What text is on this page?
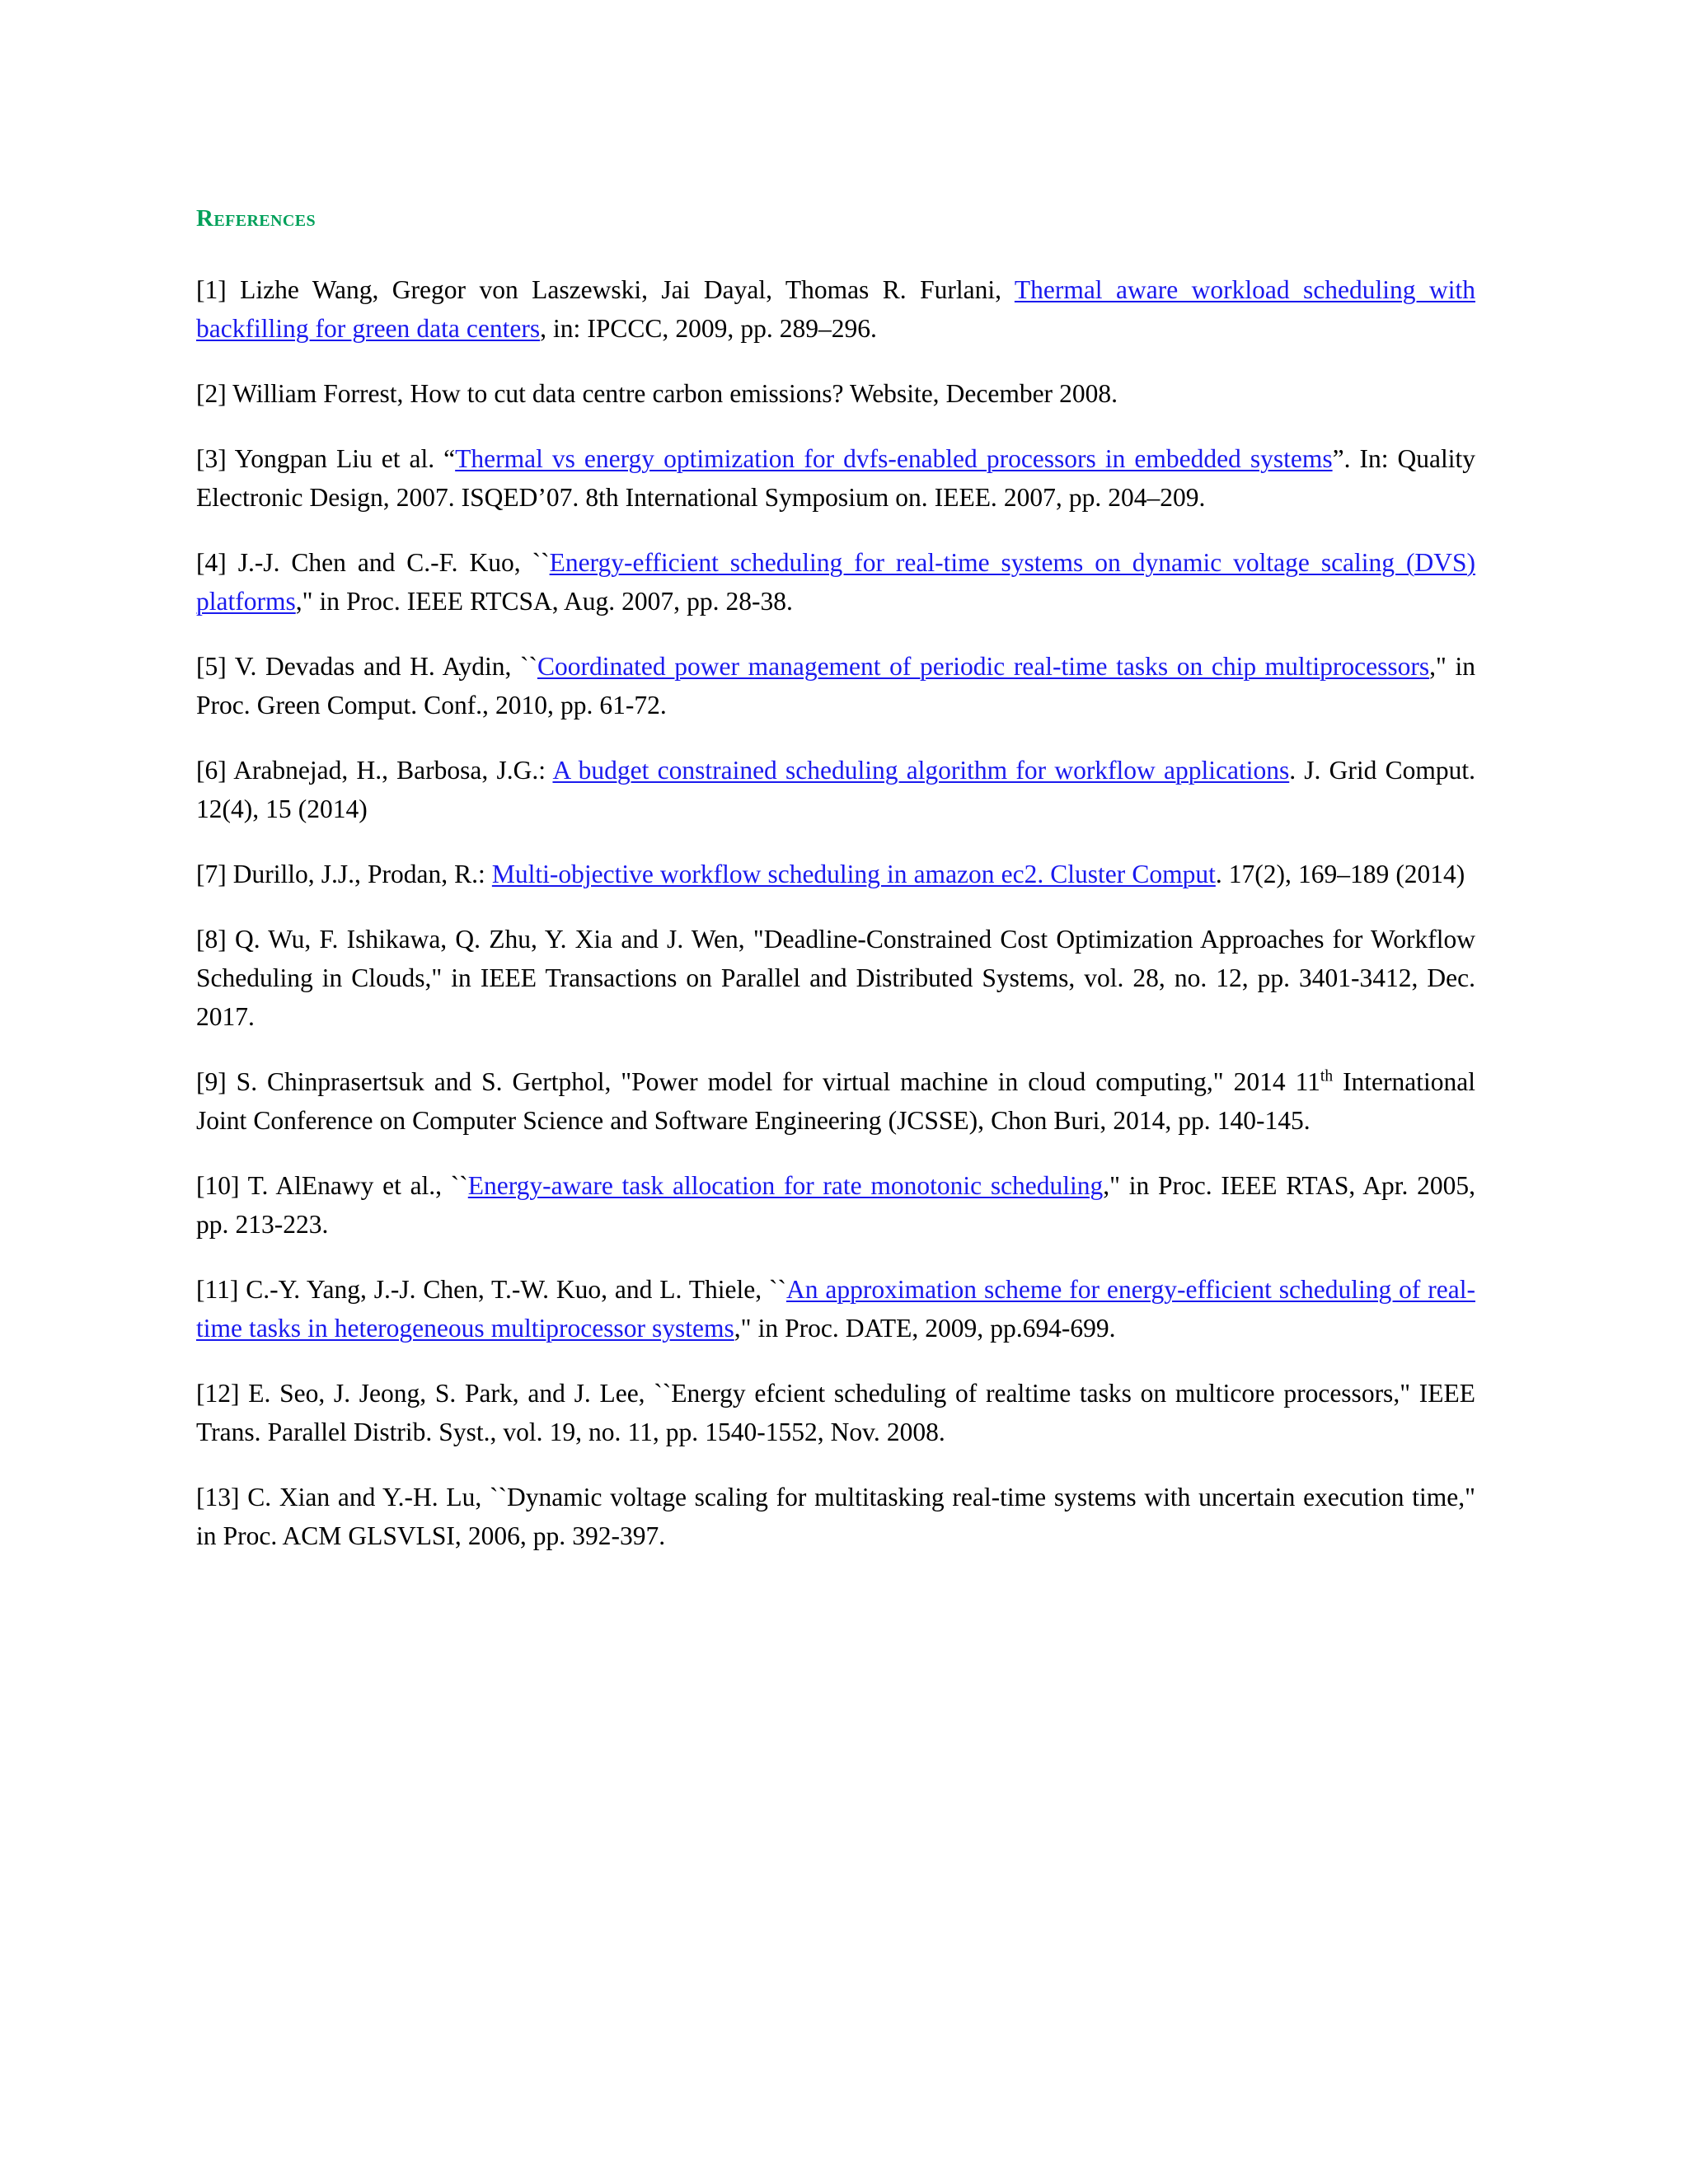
References

[1] Lizhe Wang, Gregor von Laszewski, Jai Dayal, Thomas R. Furlani, Thermal aware workload scheduling with backfilling for green data centers, in: IPCCC, 2009, pp. 289–296.

[2] William Forrest, How to cut data centre carbon emissions? Website, December 2008.

[3] Yongpan Liu et al. “Thermal vs energy optimization for dvfs-enabled processors in embedded systems”. In: Quality Electronic Design, 2007. ISQED’07. 8th International Symposium on. IEEE. 2007, pp. 204–209.

[4] J.-J. Chen and C.-F. Kuo, ``Energy-efficient scheduling for real-time systems on dynamic voltage scaling (DVS) platforms," in Proc. IEEE RTCSA, Aug. 2007, pp. 28-38.

[5] V. Devadas and H. Aydin, ``Coordinated power management of periodic real-time tasks on chip multiprocessors," in Proc. Green Comput. Conf., 2010, pp. 61-72.

[6] Arabnejad, H., Barbosa, J.G.: A budget constrained scheduling algorithm for workflow applications. J. Grid Comput. 12(4), 15 (2014)

[7] Durillo, J.J., Prodan, R.: Multi-objective workflow scheduling in amazon ec2. Cluster Comput. 17(2), 169–189 (2014)

[8] Q. Wu, F. Ishikawa, Q. Zhu, Y. Xia and J. Wen, "Deadline-Constrained Cost Optimization Approaches for Workflow Scheduling in Clouds," in IEEE Transactions on Parallel and Distributed Systems, vol. 28, no. 12, pp. 3401-3412, Dec. 2017.

[9] S. Chinprasertsuk and S. Gertphol, "Power model for virtual machine in cloud computing," 2014 11th International Joint Conference on Computer Science and Software Engineering (JCSSE), Chon Buri, 2014, pp. 140-145.

[10] T. AlEnawy et al., ``Energy-aware task allocation for rate monotonic scheduling," in Proc. IEEE RTAS, Apr. 2005, pp. 213-223.

[11] C.-Y. Yang, J.-J. Chen, T.-W. Kuo, and L. Thiele, ``An approximation scheme for energy-efficient scheduling of real-time tasks in heterogeneous multiprocessor systems," in Proc. DATE, 2009, pp.694-699.

[12] E. Seo, J. Jeong, S. Park, and J. Lee, ``Energy efcient scheduling of realtime tasks on multicore processors," IEEE Trans. Parallel Distrib. Syst., vol. 19, no. 11, pp. 1540-1552, Nov. 2008.

[13] C. Xian and Y.-H. Lu, ``Dynamic voltage scaling for multitasking real-time systems with uncertain execution time," in Proc. ACM GLSVLSI, 2006, pp. 392-397.
